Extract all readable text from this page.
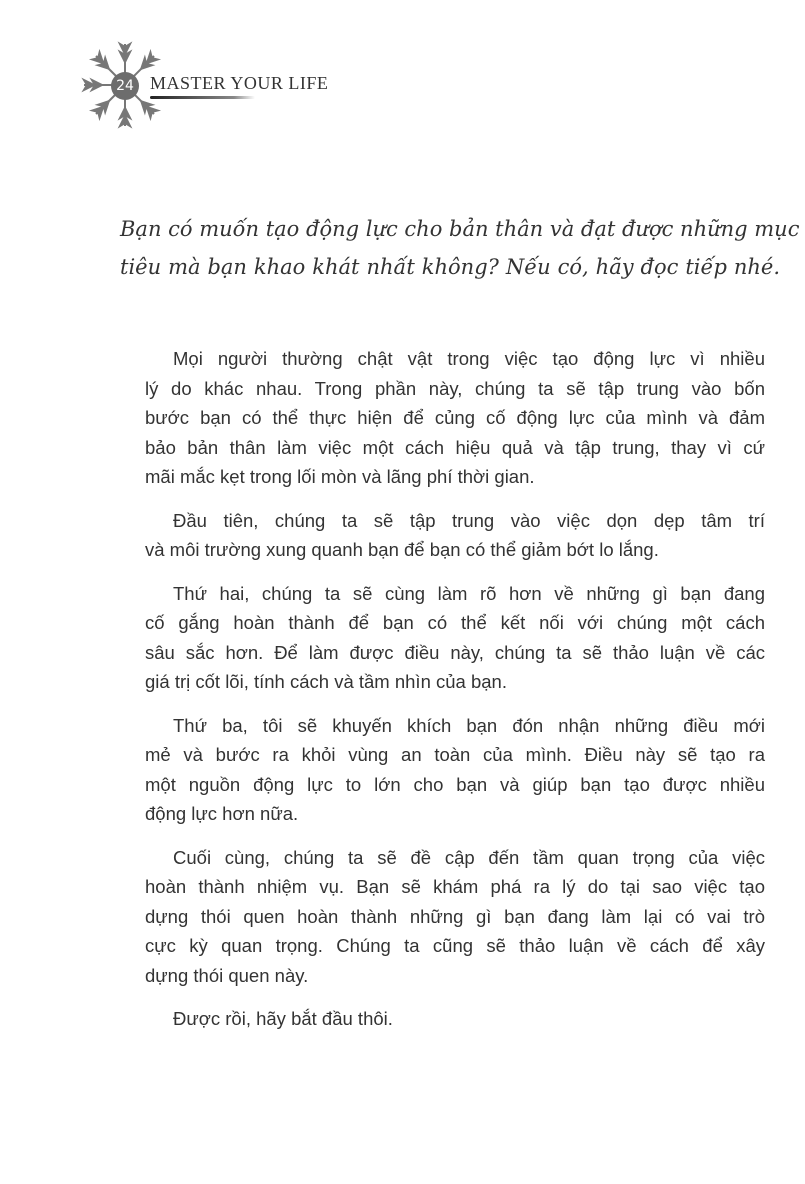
24 MASTER YOUR LIFE
Bạn có muốn tạo động lực cho bản thân và đạt được những mục
tiêu mà bạn khao khát nhất không? Nếu có, hãy đọc tiếp nhé.
Mọi người thường chật vật trong việc tạo động lực vì nhiều
lý do khác nhau. Trong phần này, chúng ta sẽ tập trung vào bốn
bước bạn có thể thực hiện để củng cố động lực của mình và đảm
bảo bản thân làm việc một cách hiệu quả và tập trung, thay vì cứ
mãi mắc kẹt trong lối mòn và lãng phí thời gian.
Đầu tiên, chúng ta sẽ tập trung vào việc dọn dẹp tâm trí
và môi trường xung quanh bạn để bạn có thể giảm bớt lo lắng.
Thứ hai, chúng ta sẽ cùng làm rõ hơn về những gì bạn đang
cố gắng hoàn thành để bạn có thể kết nối với chúng một cách
sâu sắc hơn. Để làm được điều này, chúng ta sẽ thảo luận về các
giá trị cốt lõi, tính cách và tầm nhìn của bạn.
Thứ ba, tôi sẽ khuyến khích bạn đón nhận những điều mới
mẻ và bước ra khỏi vùng an toàn của mình. Điều này sẽ tạo ra
một nguồn động lực to lớn cho bạn và giúp bạn tạo được nhiều
động lực hơn nữa.
Cuối cùng, chúng ta sẽ đề cập đến tầm quan trọng của việc
hoàn thành nhiệm vụ. Bạn sẽ khám phá ra lý do tại sao việc tạo
dựng thói quen hoàn thành những gì bạn đang làm lại có vai trò
cực kỳ quan trọng. Chúng ta cũng sẽ thảo luận về cách để xây
dựng thói quen này.
Được rồi, hãy bắt đầu thôi.
